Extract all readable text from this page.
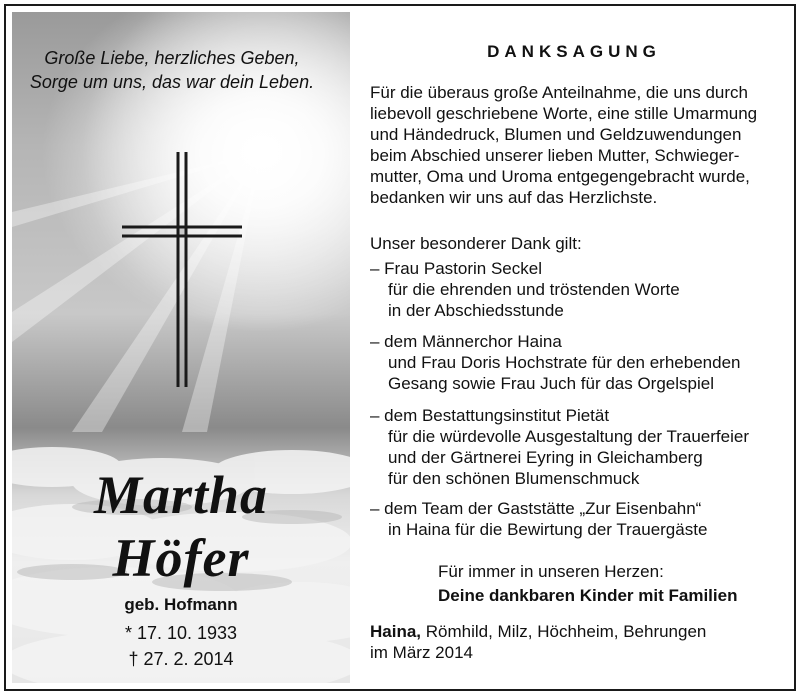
Große Liebe, herzliches Geben,
Sorge um uns, das war dein Leben.
Martha
Höfer
geb. Hofmann
* 17. 10. 1933
† 27. 2. 2014
DANKSAGUNG
Für die überaus große Anteilnahme, die uns durch
liebevoll geschriebene Worte, eine stille Umarmung
und Händedruck, Blumen und Geldzuwendungen
beim Abschied unserer lieben Mutter, Schwieger-
mutter, Oma und Uroma entgegengebracht wurde,
bedanken wir uns auf das Herzlichste.
Unser besonderer Dank gilt:
– Frau Pastorin Seckel
für die ehrenden und tröstenden Worte
in der Abschiedsstunde
– dem Männerchor Haina
und Frau Doris Hochstrate für den erhebenden
Gesang sowie Frau Juch für das Orgelspiel
– dem Bestattungsinstitut Pietät
für die würdevolle Ausgestaltung der Trauerfeier
und der Gärtnerei Eyring in Gleichamberg
für den schönen Blumenschmuck
– dem Team der Gaststätte „Zur Eisenbahn“
in Haina für die Bewirtung der Trauergäste
Für immer in unseren Herzen:
Deine dankbaren Kinder mit Familien
Haina, Römhild, Milz, Höchheim, Behrungen
im März 2014
